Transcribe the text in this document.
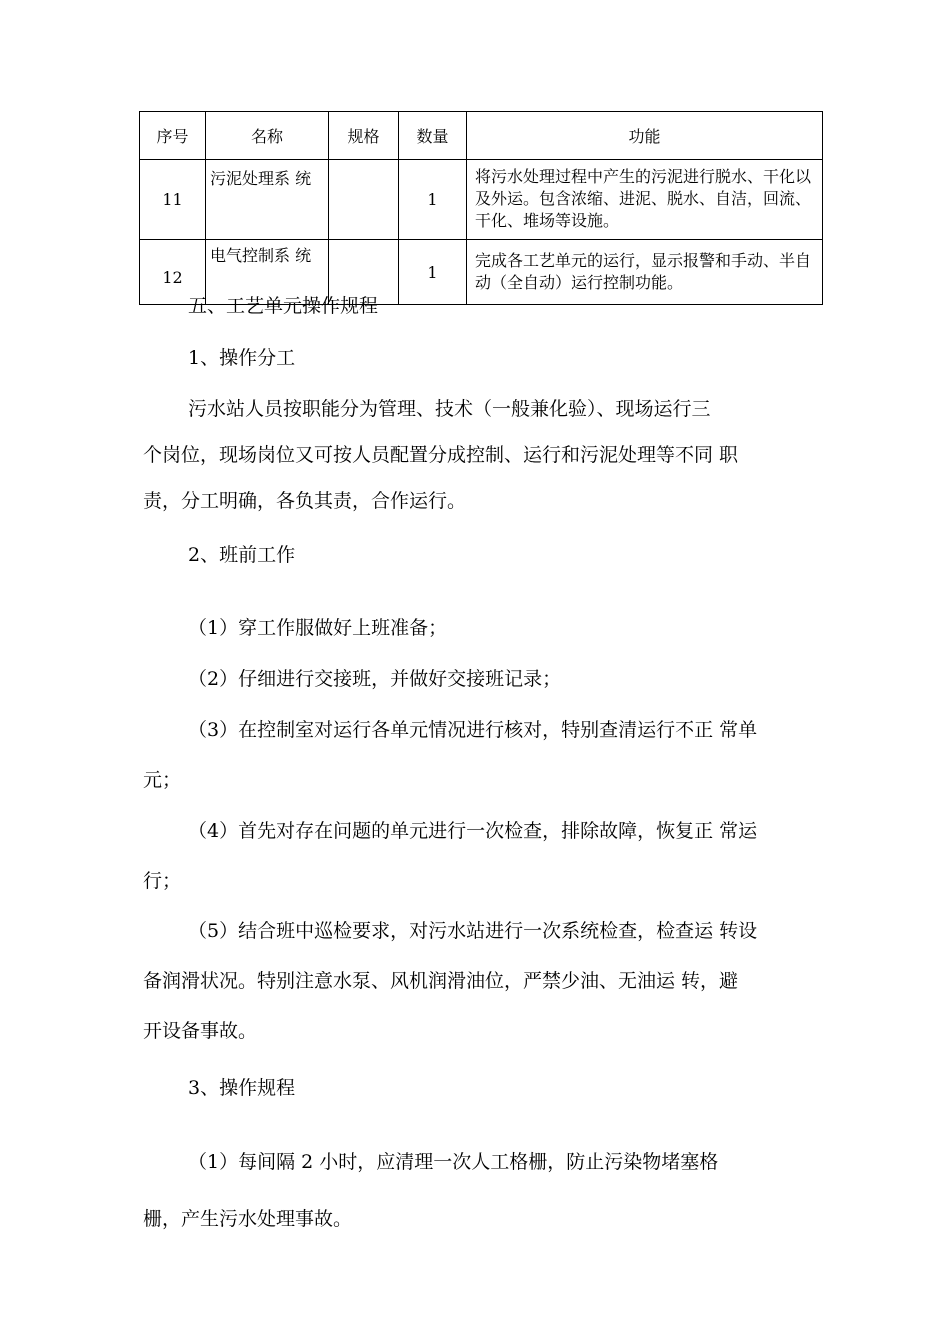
序号	名称	规格	数量	功能
11	污泥处理系 统		1	将污水处理过程中产生的污泥进行脱水、干化以及外运。包含浓缩、进泥、脱水、自洁，回流、干化、堆场等设施。
12	电气控制系 统		1	完成各工艺单元的运行，显示报警和手动、半自动（全自动）运行控制功能。
五、工艺单元操作规程
1、操作分工
污水站人员按职能分为管理、技术（一般兼化验）、现场运行三
个岗位，现场岗位又可按人员配置分成控制、运行和污泥处理等不同 职
责，分工明确，各负其责，合作运行。
2、班前工作
（1）穿工作服做好上班准备；
（2）仔细进行交接班，并做好交接班记录；
（3）在控制室对运行各单元情况进行核对，特别查清运行不正 常单
元；
（4）首先对存在问题的单元进行一次检查，排除故障，恢复正 常运
行；
（5）结合班中巡检要求，对污水站进行一次系统检查，检查运 转设
备润滑状况。特别注意水泵、风机润滑油位，严禁少油、无油运 转，避
开设备事故。
3、操作规程
（1）每间隔 2 小时，应清理一次人工格栅，防止污染物堵塞格
栅，产生污水处理事故。
